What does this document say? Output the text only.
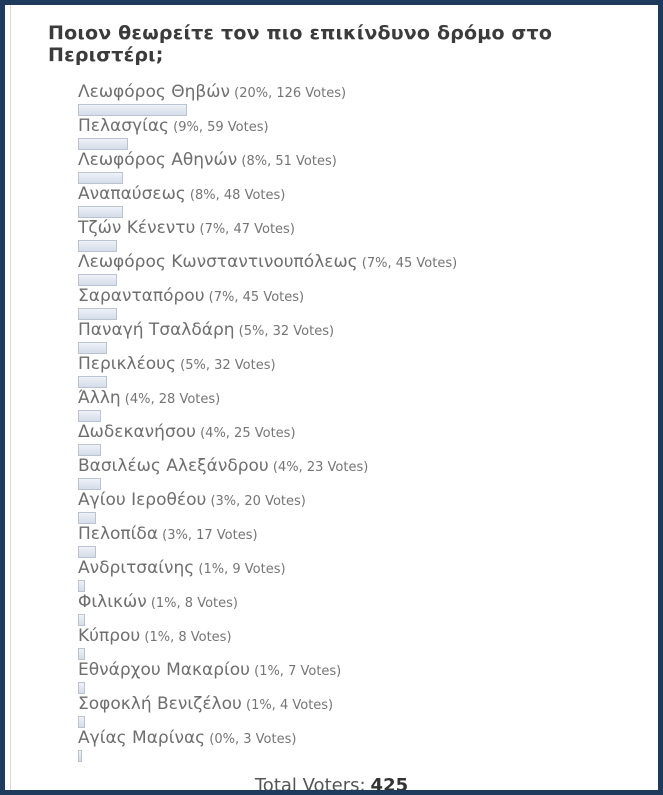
Ποιον θεωρείτε τον πιο επικίνδυνο δρόμο στο Περιστέρι;
Λεωφόρος Θηβών (20%, 126 Votes)
Πελασγίας (9%, 59 Votes)
Λεωφόρος Αθηνών (8%, 51 Votes)
Αναπαύσεως (8%, 48 Votes)
Τζών Κένεντυ (7%, 47 Votes)
Λεωφόρος Κωνσταντινουπόλεως (7%, 45 Votes)
Σαρανταπόρου (7%, 45 Votes)
Παναγή Τσαλδάρη (5%, 32 Votes)
Περικλέους (5%, 32 Votes)
Άλλη (4%, 28 Votes)
Δωδεκανήσου (4%, 25 Votes)
Βασιλέως Αλεξάνδρου (4%, 23 Votes)
Αγίου Ιεροθέου (3%, 20 Votes)
Πελοπίδα (3%, 17 Votes)
Ανδριτσαίνης (1%, 9 Votes)
Φιλικών (1%, 8 Votes)
Κύπρου (1%, 8 Votes)
Εθνάρχου Μακαρίου (1%, 7 Votes)
Σοφοκλή Βενιζέλου (1%, 4 Votes)
Αγίας Μαρίνας (0%, 3 Votes)
Total Voters: 425
